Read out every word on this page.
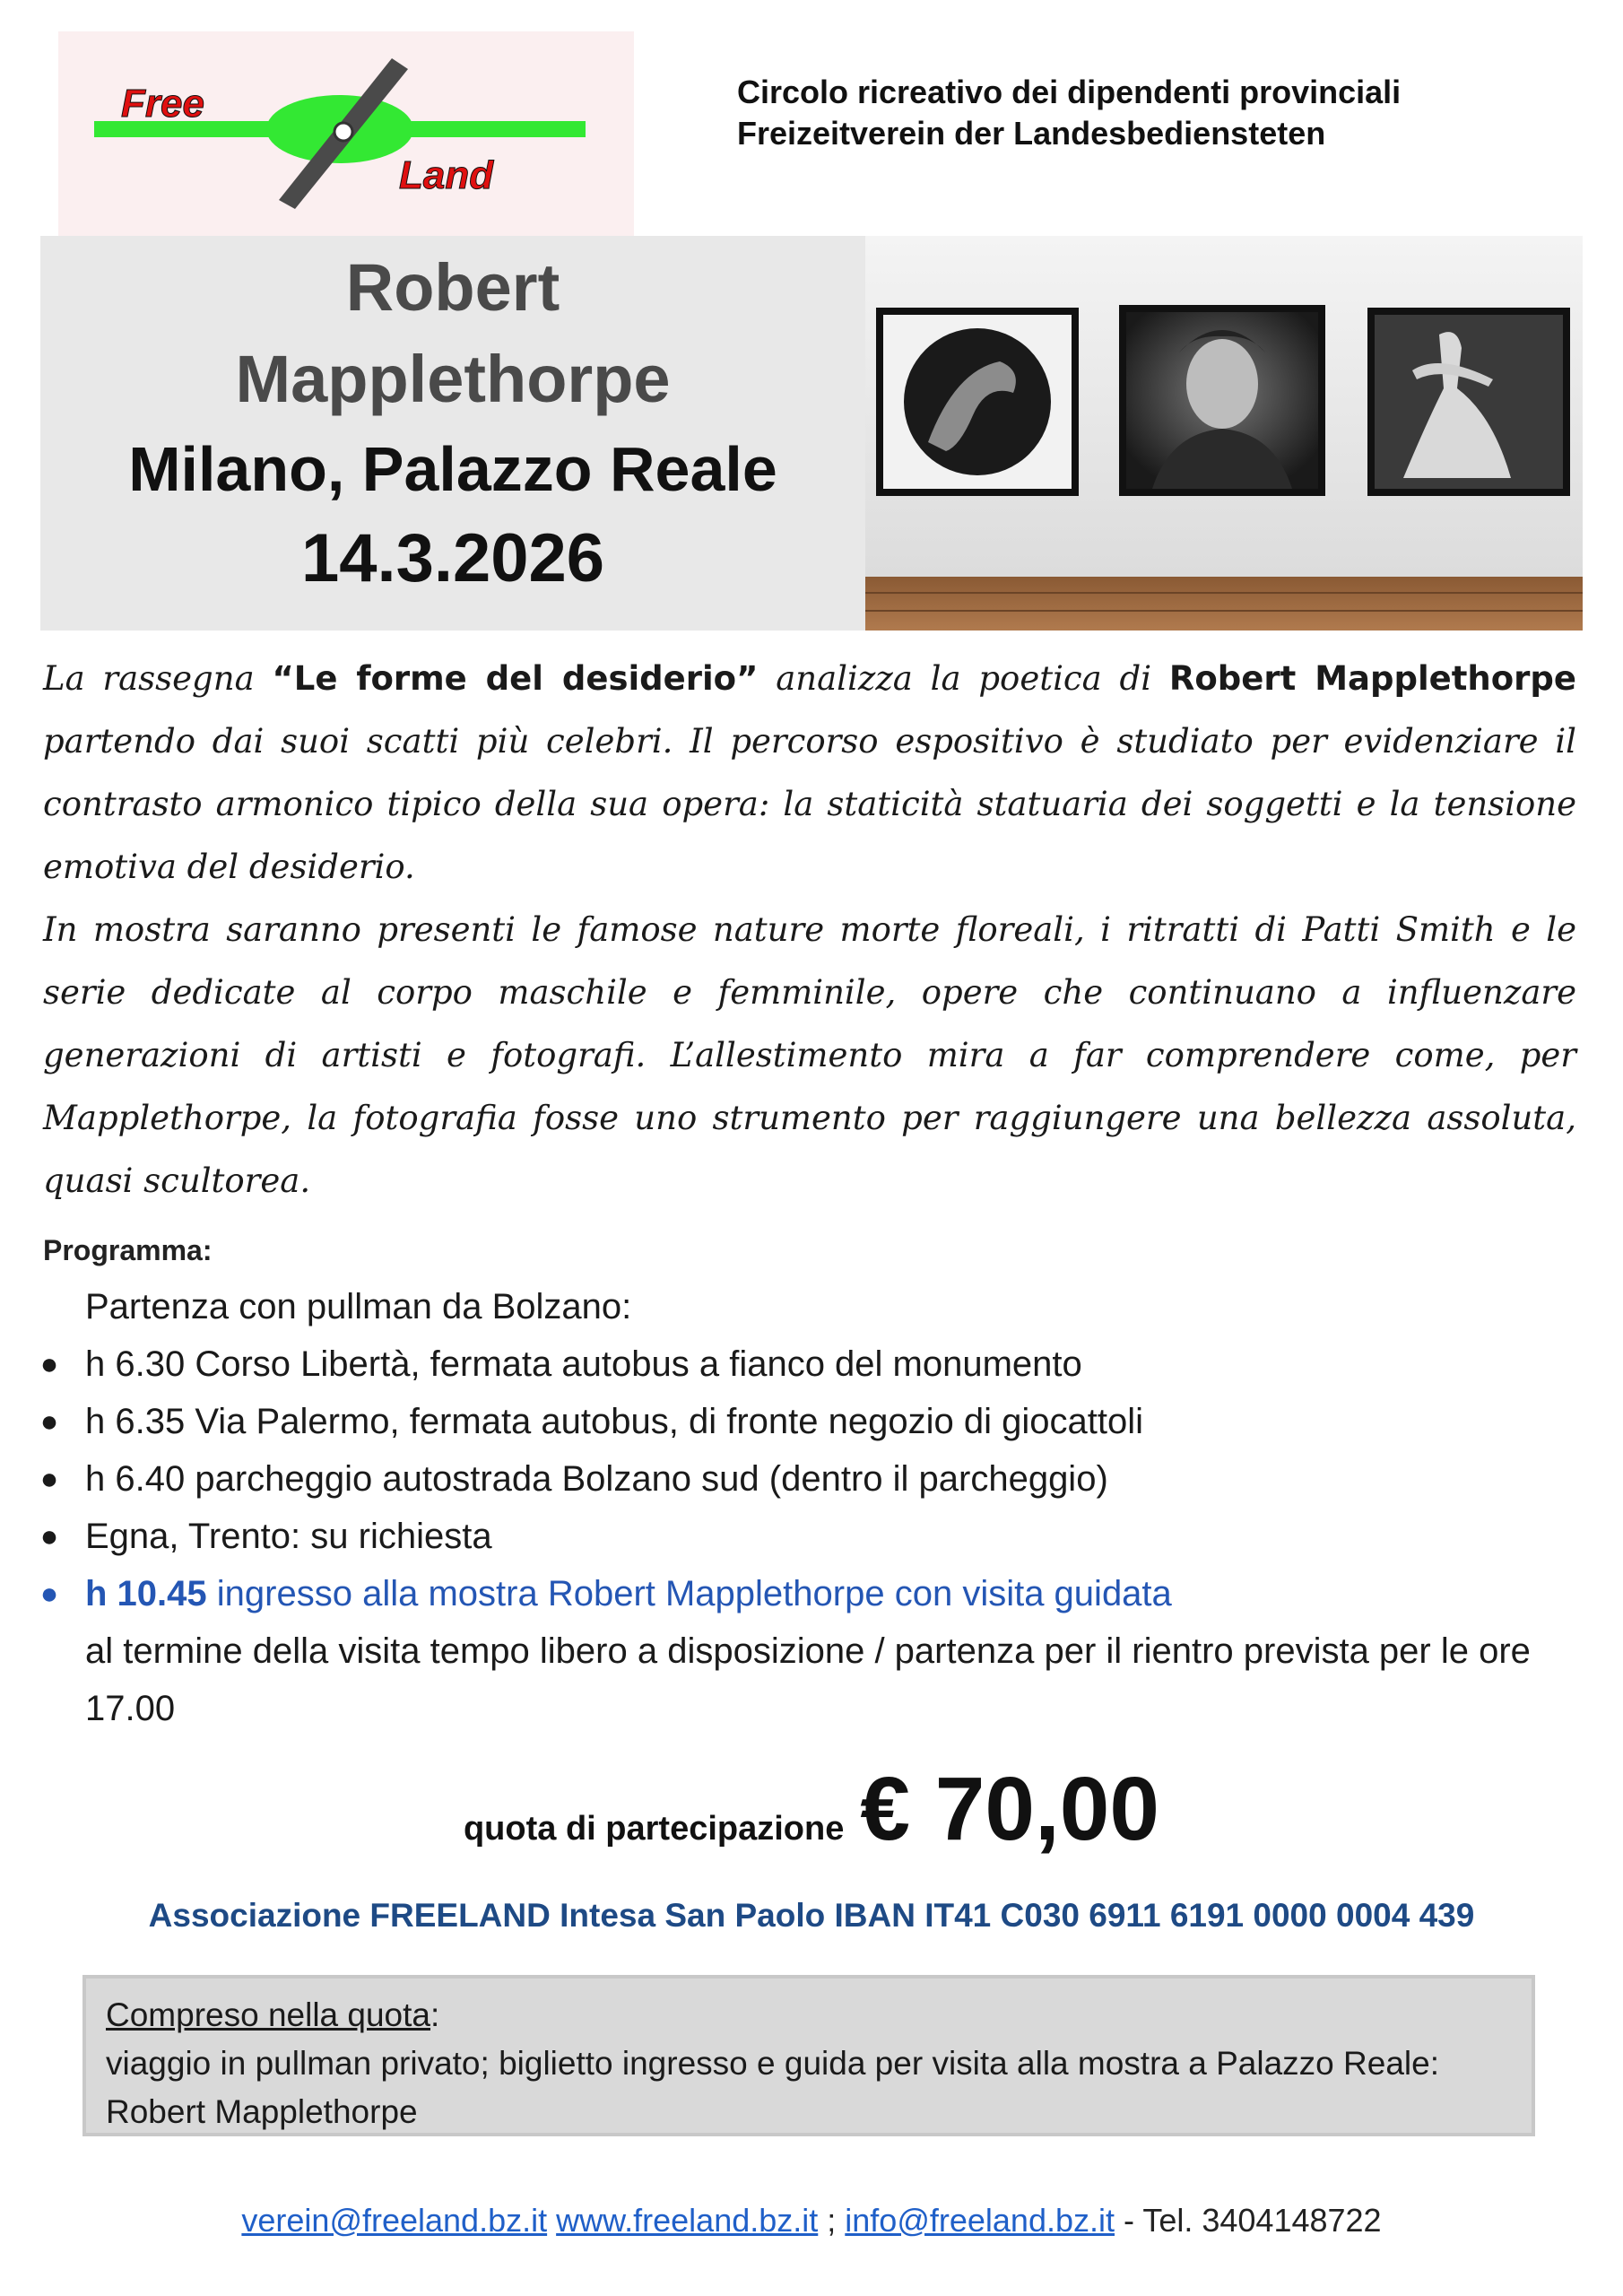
Free
Land
Circolo ricreativo dei dipendenti provinciali
Freizeitverein der Landesbediensteten
Robert
Mapplethorpe
Milano, Palazzo Reale
14.3.2026

La rassegna “Le forme del desiderio” analizza la poetica di Robert Mapplethorpe partendo dai suoi scatti più celebri. Il percorso espositivo è studiato per evidenziare il contrasto armonico tipico della sua opera: la staticità statuaria dei soggetti e la tensione emotiva del desiderio.

In mostra saranno presenti le famose nature morte floreali, i ritratti di Patti Smith e le serie dedicate al corpo maschile e femminile, opere che continuano a influenzare generazioni di artisti e fotografi. L’allestimento mira a far comprendere come, per Mapplethorpe, la fotografia fosse uno strumento per raggiungere una bellezza assoluta, quasi scultorea.

Programma:
Partenza con pullman da Bolzano:
● h 6.30 Corso Libertà, fermata autobus a fianco del monumento
● h 6.35 Via Palermo, fermata autobus, di fronte negozio di giocattoli
● h 6.40 parcheggio autostrada Bolzano sud (dentro il parcheggio)
● Egna, Trento: su richiesta
● h 10.45 ingresso alla mostra Robert Mapplethorpe con visita guidata
al termine della visita tempo libero a disposizione / partenza per il rientro prevista per le ore 17.00
quota di partecipazione € 70,00
Associazione FREELAND Intesa San Paolo IBAN IT41 C030 6911 6191 0000 0004 439
Compreso nella quota:
viaggio in pullman privato; biglietto ingresso e guida per visita alla mostra a Palazzo Reale: Robert Mapplethorpe
verein@freeland.bz.it www.freeland.bz.it ; info@freeland.bz.it - Tel. 3404148722
